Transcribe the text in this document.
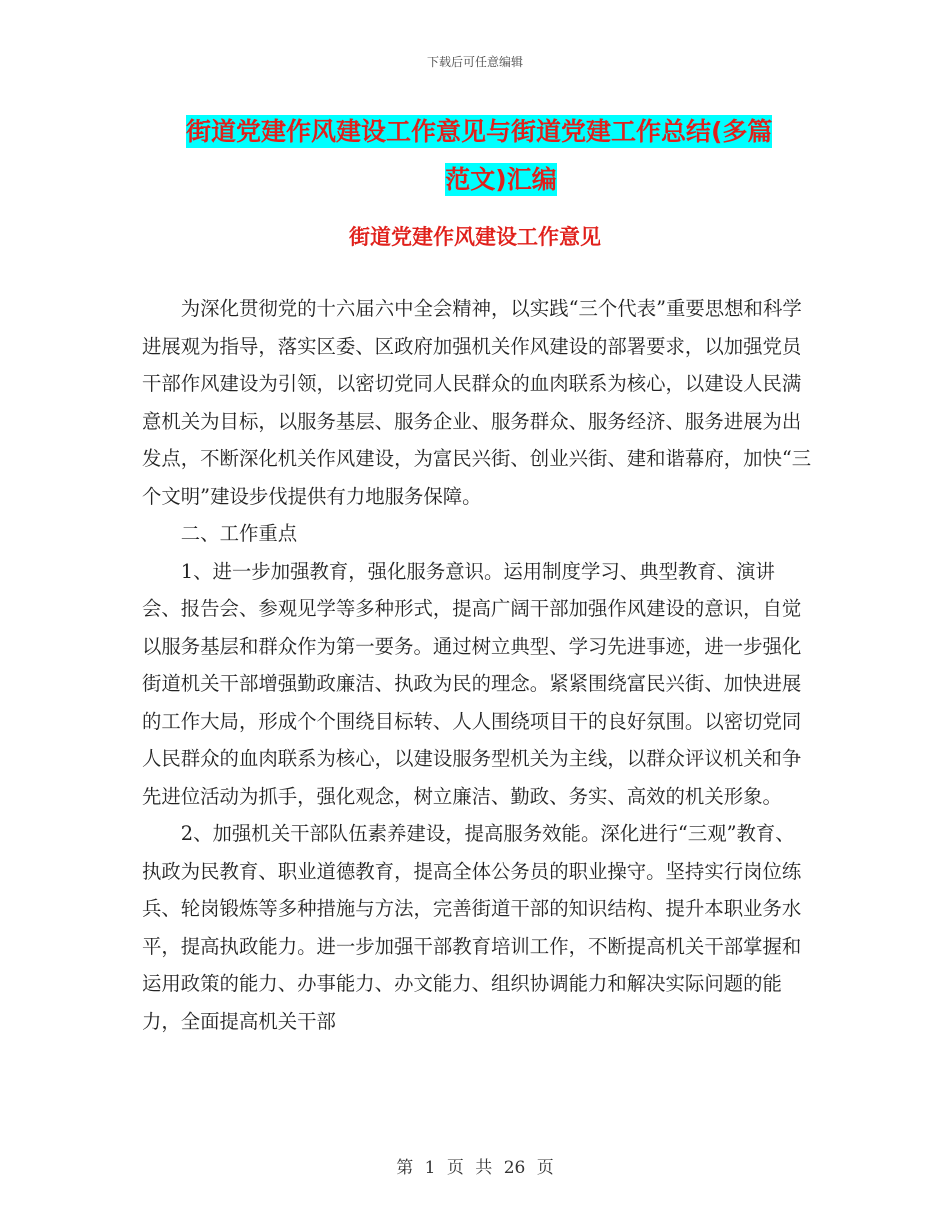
下载后可任意编辑
街道党建作风建设工作意见与街道党建工作总结(多篇
范文)汇编
街道党建作风建设工作意见

为深化贯彻党的十六届六中全会精神，以实践“三个代表”重要思想和科学进展观为指导，落实区委、区政府加强机关作风建设的部署要求，以加强党员干部作风建设为引领，以密切党同人民群众的血肉联系为核心，以建设人民满意机关为目标，以服务基层、服务企业、服务群众、服务经济、服务进展为出发点，不断深化机关作风建设，为富民兴街、创业兴街、建和谐幕府，加快“三个文明”建设步伐提供有力地服务保障。

二、工作重点

1、进一步加强教育，强化服务意识。运用制度学习、典型教育、演讲会、报告会、参观见学等多种形式，提高广阔干部加强作风建设的意识，自觉以服务基层和群众作为第一要务。通过树立典型、学习先进事迹，进一步强化街道机关干部增强勤政廉洁、执政为民的理念。紧紧围绕富民兴街、加快进展的工作大局，形成个个围绕目标转、人人围绕项目干的良好氛围。以密切党同人民群众的血肉联系为核心，以建设服务型机关为主线，以群众评议机关和争先进位活动为抓手，强化观念，树立廉洁、勤政、务实、高效的机关形象。

2、加强机关干部队伍素养建设，提高服务效能。深化进行“三观”教育、执政为民教育、职业道德教育，提高全体公务员的职业操守。坚持实行岗位练兵、轮岗锻炼等多种措施与方法，完善街道干部的知识结构、提升本职业务水平，提高执政能力。进一步加强干部教育培训工作，不断提高机关干部掌握和运用政策的能力、办事能力、办文能力、组织协调能力和解决实际问题的能力，全面提高机关干部

第 1 页 共 26 页
